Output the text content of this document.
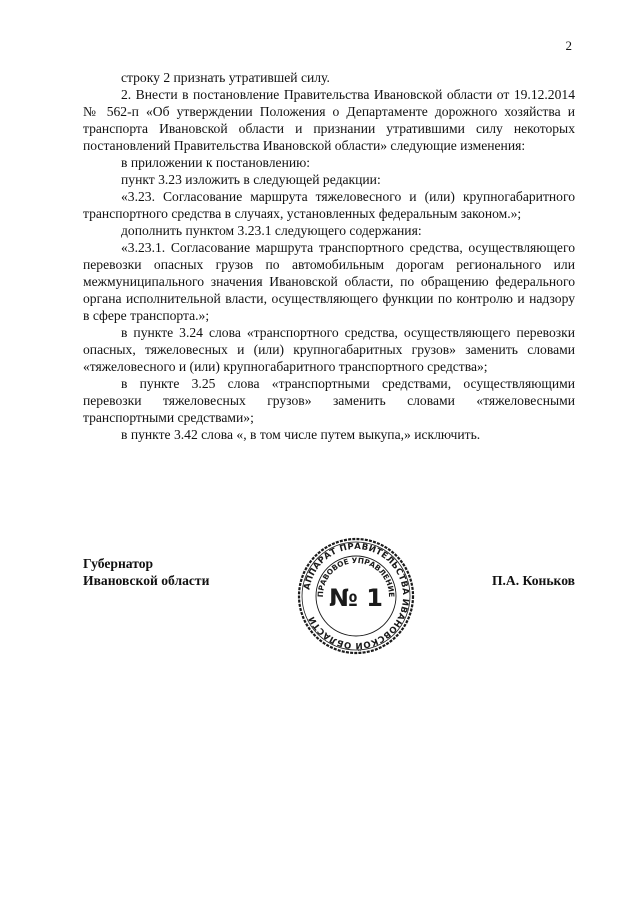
2

строку 2 признать утратившей силу.

2. Внести в постановление Правительства Ивановской области от 19.12.2014 № 562-п «Об утверждении Положения о Департаменте дорожного хозяйства и транспорта Ивановской области и признании утратившими силу некоторых постановлений Правительства Ивановской области» следующие изменения:

в приложении к постановлению:

пункт 3.23 изложить в следующей редакции:

«3.23. Согласование маршрута тяжеловесного и (или) крупногабаритного транспортного средства в случаях, установленных федеральным законом.»;

дополнить пунктом 3.23.1 следующего содержания:

«3.23.1. Согласование маршрута транспортного средства, осуществляющего перевозки опасных грузов по автомобильным дорогам регионального или межмуниципального значения Ивановской области, по обращению федерального органа исполнительной власти, осуществляющего функции по контролю и надзору в сфере транспорта.»;

в пункте 3.24 слова «транспортного средства, осуществляющего перевозки опасных, тяжеловесных и (или) крупногабаритных грузов» заменить словами «тяжеловесного и (или) крупногабаритного транспортного средства»;

в пункте 3.25 слова «транспортными средствами, осуществляющими перевозки тяжеловесных грузов» заменить словами «тяжеловесными транспортными средствами»;

в пункте 3.42 слова «, в том числе путем выкупа,» исключить.

Губернатор
Ивановской области	П.А. Коньков
АППАРАТ ПРАВИТЕЛЬСТВА ИВАНОВСКОЙ ОБЛАСТИ
ПРАВОВОЕ УПРАВЛЕНИЕ
№ 1
